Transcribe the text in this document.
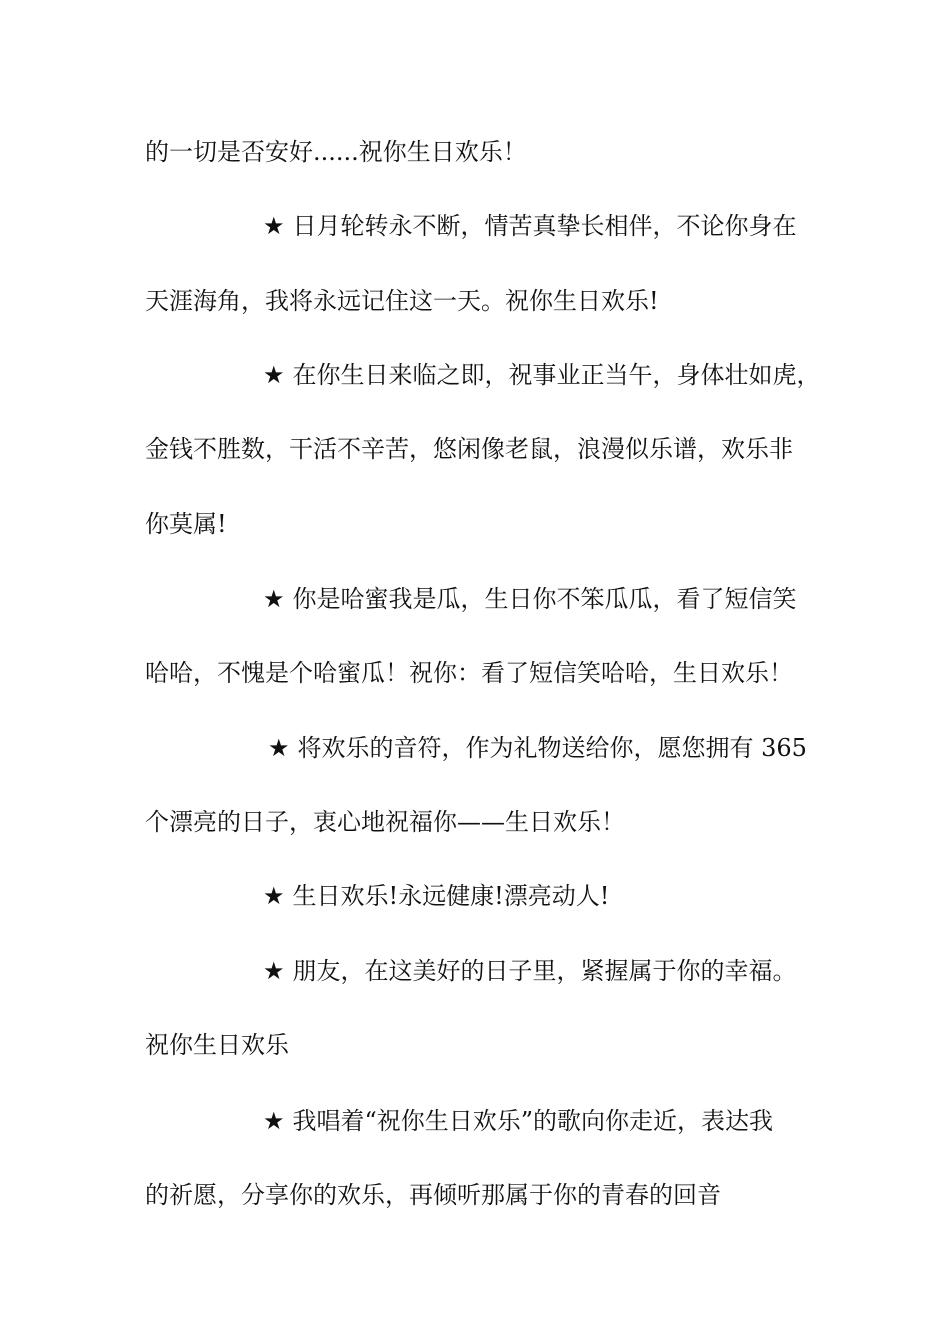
的一切是否安好......祝你生日欢乐！
★ 日月轮转永不断，情苦真挚长相伴，不论你身在
天涯海角，我将永远记住这一天。祝你生日欢乐!
★ 在你生日来临之即，祝事业正当午，身体壮如虎，
金钱不胜数，干活不辛苦，悠闲像老鼠，浪漫似乐谱，欢乐非
你莫属!
★ 你是哈蜜我是瓜，生日你不笨瓜瓜，看了短信笑
哈哈，不愧是个哈蜜瓜！祝你：看了短信笑哈哈，生日欢乐！
★ 将欢乐的音符，作为礼物送给你，愿您拥有 365
个漂亮的日子，衷心地祝福你——生日欢乐！
★ 生日欢乐!永远健康!漂亮动人!
★ 朋友，在这美好的日子里，紧握属于你的幸福。
祝你生日欢乐
★ 我唱着“祝你生日欢乐”的歌向你走近，表达我
的祈愿，分享你的欢乐，再倾听那属于你的青春的回音
